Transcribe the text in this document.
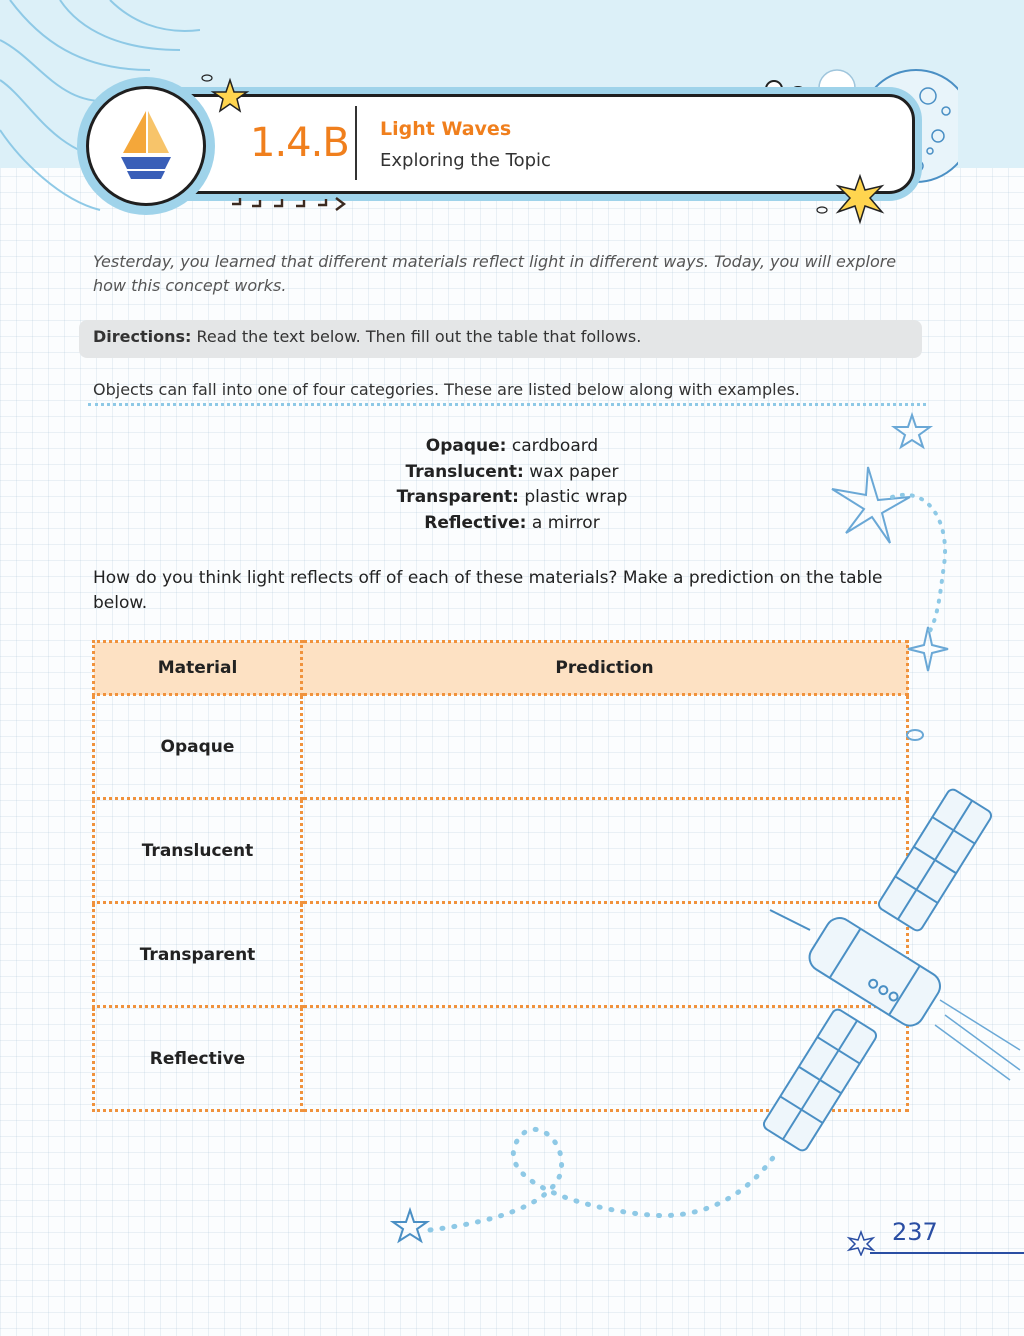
1.4.B Light Waves
Exploring the Topic
Yesterday, you learned that different materials reflect light in different ways. Today, you will explore how this concept works.
Directions: Read the text below. Then fill out the table that follows.
Objects can fall into one of four categories. These are listed below along with examples.
Opaque: cardboard
Translucent: wax paper
Transparent: plastic wrap
Reflective: a mirror
How do you think light reflects off of each of these materials? Make a prediction on the table below.
Material	Prediction
Opaque	
Translucent	
Transparent	
Reflective	
237
